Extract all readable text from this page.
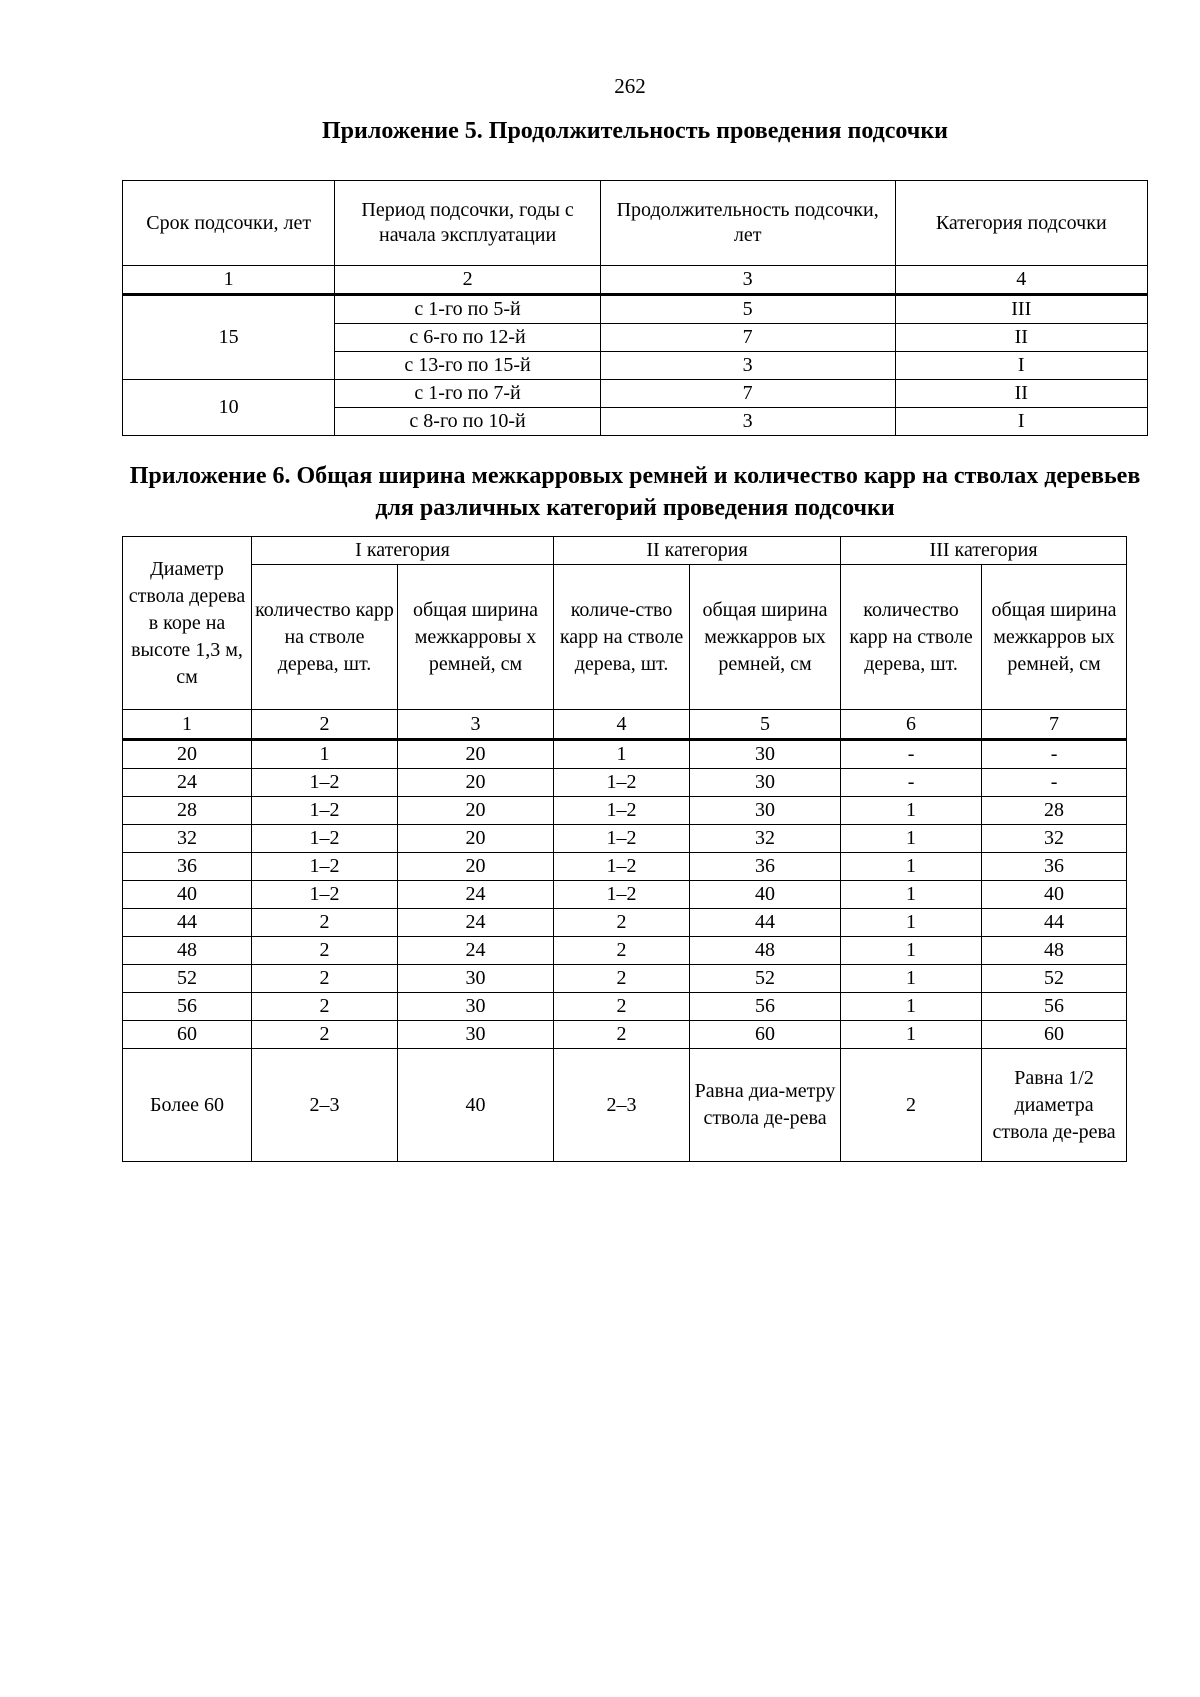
262
Приложение 5. Продолжительность проведения подсочки
Срок подсочки, лет	Период подсочки, годы с начала эксплуатации	Продолжительность подсочки, лет	Категория подсочки
1	2	3	4
15	с 1-го по 5-й	5	III
	с 6-го по 12-й	7	II
	с 13-го по 15-й	3	I
10	с 1-го по 7-й	7	II
	с 8-го по 10-й	3	I
Приложение 6. Общая ширина межкарровых ремней и количество карр на стволах деревьев для различных категорий проведения подсочки
Диаметр ствола дерева в коре на высоте 1,3 м, см	I категория		II категория		III категория	
	количество карр на стволе дерева, шт.	общая ширина межкарровы х ремней, см	количе-ство карр на стволе дерева, шт.	общая ширина межкарров ых ремней, см	количество карр на стволе дерева, шт.	общая ширина межкарров ых ремней, см
1	2	3	4	5	6	7
20	1	20	1	30	-	-
24	1–2	20	1–2	30	-	-
28	1–2	20	1–2	30	1	28
32	1–2	20	1–2	32	1	32
36	1–2	20	1–2	36	1	36
40	1–2	24	1–2	40	1	40
44	2	24	2	44	1	44
48	2	24	2	48	1	48
52	2	30	2	52	1	52
56	2	30	2	56	1	56
60	2	30	2	60	1	60
Более 60	2–3	40	2–3	Равна диа-метру ствола де-рева	2	Равна 1/2 диаметра ствола де-рева
